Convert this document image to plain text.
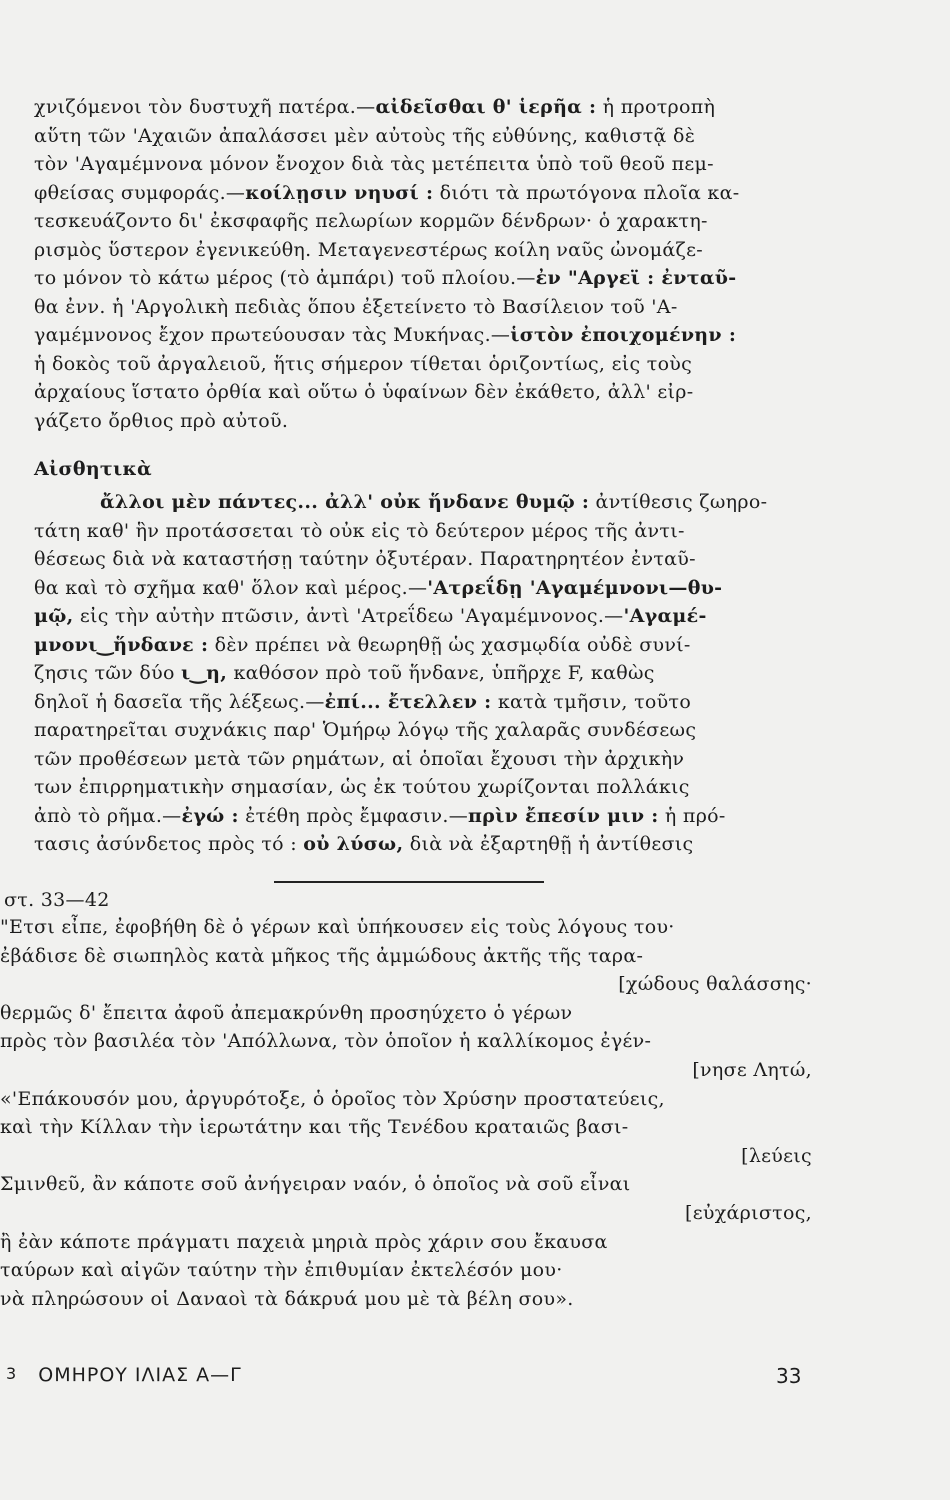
χνιζόμενοι τὸν δυστυχῆ πατέρα.—αἰδεῖσθαι θ' ἱερῆα : ἡ προτροπὴ
αὕτη τῶν 'Αχαιῶν ἀπαλάσσει μὲν αὐτοὺς τῆς εὐθύνης, καθιστᾷ δὲ
τὸν 'Αγαμέμνονα μόνον ἔνοχον διὰ τὰς μετέπειτα ὑπὸ τοῦ θεοῦ πεμ-
φθείσας συμφοράς.—κοίλῃσιν νηυσί : διότι τὰ πρωτόγονα πλοῖα κα-
τεσκευάζοντο δι' ἐκσφαφῆς πελωρίων κορμῶν δένδρων· ὁ χαρακτη-
ρισμὸς ὕστερον ἐγενικεύθη. Μεταγενεστέρως κοίλη ναῦς ὠνομάζε-
το μόνον τὸ κάτω μέρος (τὸ ἀμπάρι) τοῦ πλοίου.—ἐν "Αργεϊ : ἐνταῦ-
θα ἐνν. ἡ 'Αργολικὴ πεδιὰς ὅπου ἐξετείνετο τὸ Βασίλειον τοῦ 'Α-
γαμέμνονος ἔχον πρωτεύουσαν τὰς Μυκήνας.—ἱστὸν ἐποιχομένην :
ἡ δοκὸς τοῦ ἀργαλειοῦ, ἥτις σήμερον τίθεται ὁριζοντίως, εἰς τοὺς
ἀρχαίους ἵστατο ὀρθία καὶ οὕτω ὁ ὑφαίνων δὲν ἐκάθετο, ἀλλ' εἰρ-
γάζετο ὄρθιος πρὸ αὐτοῦ.
Αἰσθητικὰ
ἄλλοι μὲν πάντες... ἀλλ' οὐκ ἥνδανε θυμῷ : ἀντίθεσις ζωηρο-
τάτη καθ' ἣν προτάσσεται τὸ οὐκ εἰς τὸ δεύτερον μέρος τῆς ἀντι-
θέσεως διὰ νὰ καταστήσῃ ταύτην ὀξυτέραν. Παρατηρητέον ἐνταῦ-
θα καὶ τὸ σχῆμα καθ' ὅλον καὶ μέρος.—'Ατρεΐδῃ 'Αγαμέμνονι—θυ-
μῷ, εἰς τὴν αὐτὴν πτῶσιν, ἀντὶ 'Ατρεΐδεω 'Αγαμέμνονος.—'Αγαμέ-
μνονι‿ἥνδανε : δὲν πρέπει νὰ θεωρηθῇ ὡς χασμῳδία οὐδὲ συνί-
ζησις τῶν δύο ι‿η, καθόσον πρὸ τοῦ ἥνδανε, ὑπῆρχε F, καθὼς
δηλοῖ ἡ δασεῖα τῆς λέξεως.—ἐπί... ἔτελλεν : κατὰ τμῆσιν, τοῦτο
παρατηρεῖται συχνάκις παρ' Ὁμήρῳ λόγῳ τῆς χαλαρᾶς συνδέσεως
τῶν προθέσεων μετὰ τῶν ρημάτων, αἱ ὁποῖαι ἔχουσι τὴν ἀρχικὴν
των ἐπιρρηματικὴν σημασίαν, ὡς ἐκ τούτου χωρίζονται πολλάκις
ἀπὸ τὸ ρῆμα.—ἐγώ : ἐτέθη πρὸς ἔμφασιν.—πρὶν ἔπεσίν μιν : ἡ πρό-
τασις ἀσύνδετος πρὸς τό : οὐ λύσω, διὰ νὰ ἐξαρτηθῇ ἡ ἀντίθεσις
στ. 33—42
"Ετσι εἶπε, ἐφοβήθη δὲ ὁ γέρων καὶ ὑπήκουσεν εἰς τοὺς λόγους του·
ἐβάδισε δὲ σιωπηλὸς κατὰ μῆκος τῆς ἀμμώδους ἀκτῆς τῆς ταρα-
[χώδους θαλάσσης·
θερμῶς δ' ἔπειτα ἀφοῦ ἀπεμακρύνθη προσηύχετο ὁ γέρων
πρὸς τὸν βασιλέα τὸν 'Απόλλωνα, τὸν ὁποῖον ἡ καλλίκομος ἐγέν-
[νησε Λητώ,
«'Επάκουσόν μου, ἀργυρότοξε, ὁ ὁροῖος τὸν Χρύσην προστατεύεις,
καὶ τὴν Κίλλαν τὴν ἱερωτάτην και τῆς Τενέδου κραταιῶς βασι-
[λεύεις
Σμινθεῦ, ἂν κάποτε σοῦ ἀνήγειραν ναόν, ὁ ὁποῖος νὰ σοῦ εἶναι
[εὐχάριστος,
ἢ ἐὰν κάποτε πράγματι παχειὰ μηριὰ πρὸς χάριν σου ἔκαυσα
ταύρων καὶ αἰγῶν ταύτην τὴν ἐπιθυμίαν ἐκτελέσόν μου·
νὰ πληρώσουν οἱ Δαναοὶ τὰ δάκρυά μου μὲ τὰ βέλη σου».
$^3$ ΟΜΗΡΟΥ ΙΛΙΑΣ Α—Γ	33
